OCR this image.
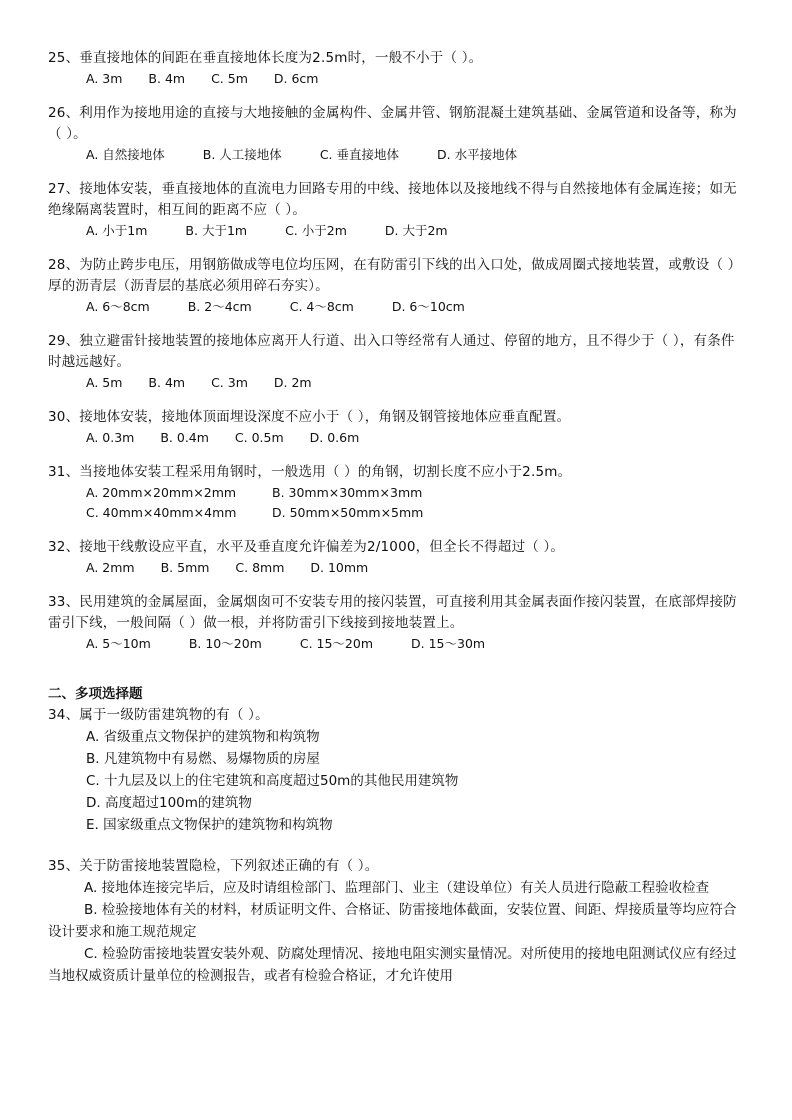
25、垂直接地体的间距在垂直接地体长度为2.5m时，一般不小于（ ）。

A. 3m B. 4m C. 5m D. 6cm

26、利用作为接地用途的直接与大地接触的金属构件、金属井管、钢筋混凝土建筑基础、金属管道和设备等，称为（ ）。

A. 自然接地体	B. 人工接地体	C. 垂直接地体	D. 水平接地体

27、接地体安装，垂直接地体的直流电力回路专用的中线、接地体以及接地线不得与自然接地体有金属连接；如无绝缘隔离装置时，相互间的距离不应（ ）。

A. 小于1m	B. 大于1m	C. 小于2m	D. 大于2m

28、为防止跨步电压，用钢筋做成等电位均压网，在有防雷引下线的出入口处，做成周圈式接地装置，或敷设（ ）厚的沥青层（沥青层的基底必须用碎石夯实）。

A. 6～8cm	B. 2～4cm	C. 4～8cm	D. 6～10cm

29、独立避雷针接地装置的接地体应离开人行道、出入口等经常有人通过、停留的地方，且不得少于（ ），有条件时越远越好。

A. 5m B. 4m C. 3m D. 2m

30、接地体安装，接地体顶面埋设深度不应小于（ ），角钢及钢管接地体应垂直配置。

A. 0.3m B. 0.4m C. 0.5m D. 0.6m

31、当接地体安装工程采用角钢时，一般选用（ ）的角钢，切割长度不应小于2.5m。

A. 20mm×20mm×2mm	B. 30mm×30mm×3mm
C. 40mm×40mm×4mm	D. 50mm×50mm×5mm

32、接地干线敷设应平直，水平及垂直度允许偏差为2/1000，但全长不得超过（ ）。

A. 2mm B. 5mm C. 8mm D. 10mm

33、民用建筑的金属屋面，金属烟囱可不安装专用的接闪装置，可直接利用其金属表面作接闪装置，在底部焊接防雷引下线，一般间隔（ ）做一根，并将防雷引下线接到接地装置上。

A. 5～10m	B. 10～20m	C. 15～20m	D. 15～30m
二、多项选择题

34、属于一级防雷建筑物的有（ ）。

A. 省级重点文物保护的建筑物和构筑物
B. 凡建筑物中有易燃、易爆物质的房屋
C. 十九层及以上的住宅建筑和高度超过50m的其他民用建筑物
D. 高度超过100m的建筑物
E. 国家级重点文物保护的建筑物和构筑物

35、关于防雷接地装置隐检，下列叙述正确的有（ ）。

A. 接地体连接完毕后，应及时请组检部门、监理部门、业主（建设单位）有关人员进行隐蔽工程验收检查

B. 检验接地体有关的材料，材质证明文件、合格证、防雷接地体截面，安装位置、间距、焊接质量等均应符合设计要求和施工规范规定

C. 检验防雷接地装置安装外观、防腐处理情况、接地电阻实测实量情况。对所使用的接地电阻测试仪应有经过当地权威资质计量单位的检测报告，或者有检验合格证，才允许使用
